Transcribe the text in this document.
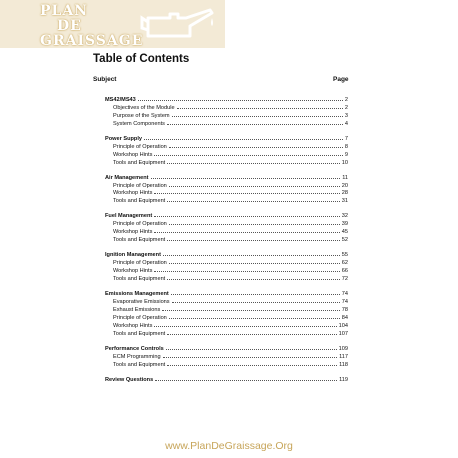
PLAN
DE
GRAISSAGE
Table of Contents
Subject	Page
MS42/MS43	2
Objectives of the Module	2
Purpose of the System	3
System Components	4
Power Supply	7
Principle of Operation	8
Workshop Hints	9
Tools and Equipment	10
Air Management	11
Principle of Operation	20
Workshop Hints	28
Tools and Equipment	31
Fuel Management	32
Principle of Operation	39
Workshop Hints	45
Tools and Equipment	52
Ignition Management	55
Principle of Operation	62
Workshop Hints	66
Tools and Equipment	72
Emissions Management	74
Evaporative Emissions	74
Exhaust Emissions	78
Principle of Operation	84
Workshop Hints	104
Tools and Equipment	107
Performance Controls	109
ECM Programming	117
Tools and Equipment	118
Review Questions	119
www.PlanDeGraissage.Org
